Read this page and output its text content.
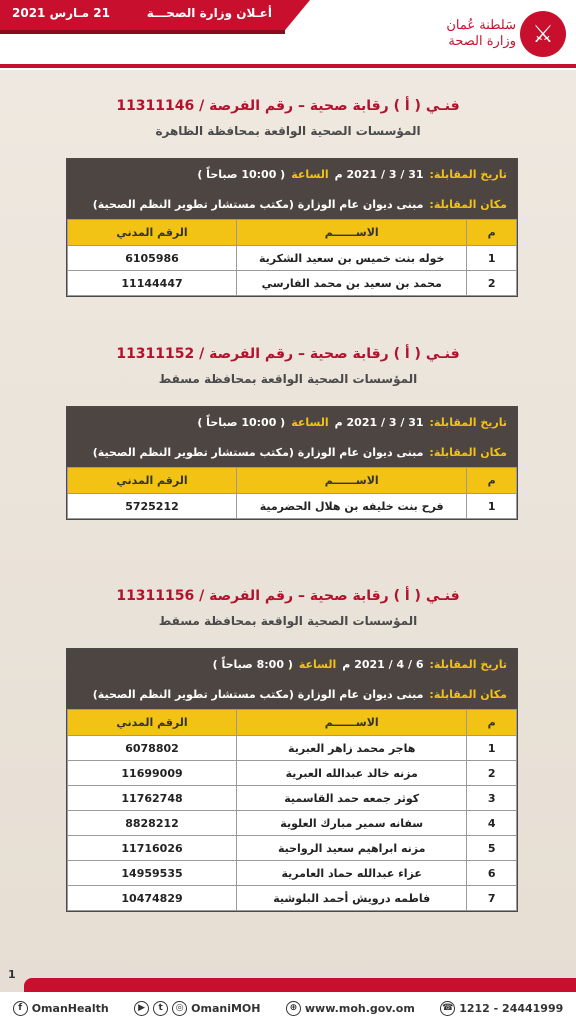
أعـلان وزارة الصحـــة
21 مـارس 2021
⚔
سَلطنة عُمان
وزارة الصحة
فنـي ( أ ) رقابة صحية – رقم الفرصة / 11311146
المؤسسات الصحية الواقعة بمحافظة الظاهرة
تاريخ المقابلة:
31 / 3 / 2021 م
الساعة
( 10:00 صباحاً )
مكان المقابلة:
مبنى ديوان عام الوزارة (مكتب مستشار تطوير النظم الصحية)
م	الاســــــم	الرقم المدني
1	خوله بنت خميس بن سعيد الشكرية	6105986
2	محمد بن سعيد بن محمد الفارسي	11144447
فنـي ( أ ) رقابة صحية – رقم الفرصة / 11311152
المؤسسات الصحية الواقعة بمحافظة مسقط
تاريخ المقابلة:
31 / 3 / 2021 م
الساعة
( 10:00 صباحاً )
مكان المقابلة:
مبنى ديوان عام الوزارة (مكتب مستشار تطوير النظم الصحية)
م	الاســــــم	الرقم المدني
1	فرح بنت خليفه بن هلال الحضرمية	5725212
فنـي ( أ ) رقابة صحية – رقم الفرصة / 11311156
المؤسسات الصحية الواقعة بمحافظة مسقط
تاريخ المقابلة:
6 / 4 / 2021 م
الساعة
( 8:00 صباحاً )
مكان المقابلة:
مبنى ديوان عام الوزارة (مكتب مستشار تطوير النظم الصحية)
م	الاســــــم	الرقم المدني
1	هاجر محمد زاهر العبرية	6078802
2	مزنه خالد عبدالله العبرية	11699009
3	كوثر جمعه حمد القاسمية	11762748
4	سفانه سمير مبارك العلوية	8828212
5	مزنه ابراهيم سعيد الرواحية	11716026
6	عزاء عبدالله حماد العامرية	14959535
7	فاطمه درويش أحمد البلوشية	10474829
1
f OmanHealth	▶	t	◎ OmaniMOH	⊕ www.moh.gov.om	☎ 1212 - 24441999
